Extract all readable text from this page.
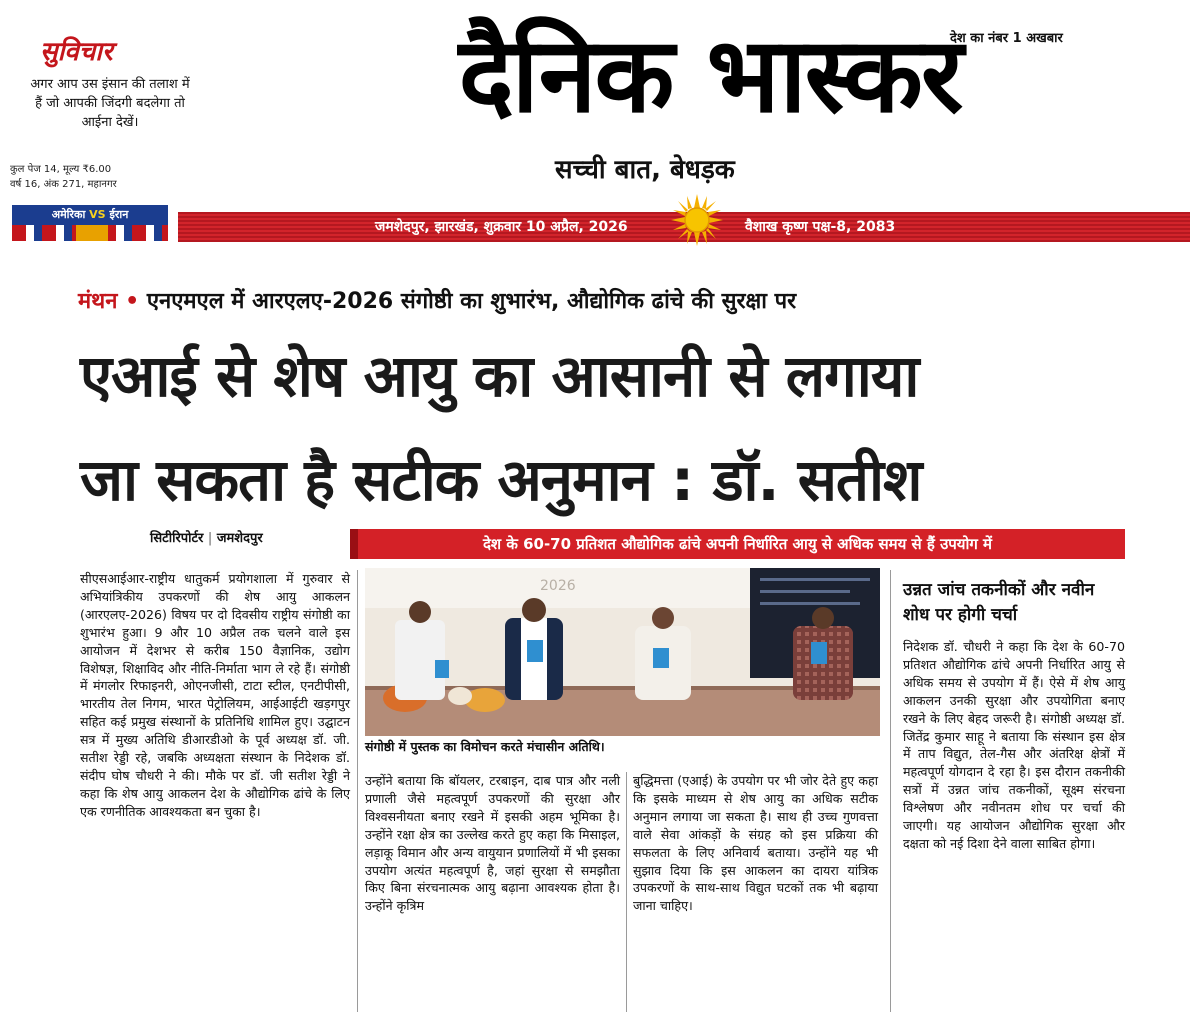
सुविचार
अगर आप उस इंसान की तलाश में हैं जो आपकी जिंदगी बदलेगा तो आईना देखें।
कुल पेज 14, मूल्य ₹6.00
वर्ष 16, अंक 271, महानगर
अमेरिका VS ईरान
दैनिक भास्कर
सच्ची बात, बेधड़क
देश का नंबर 1 अखबार
जमशेदपुर, झारखंड, शुक्रवार 10 अप्रैल, 2026	वैशाख कृष्ण पक्ष-8, 2083
मंथन • एनएमएल में आरएलए-2026 संगोष्ठी का शुभारंभ, औद्योगिक ढांचे की सुरक्षा पर
एआई से शेष आयु का आसानी से लगाया
जा सकता है सटीक अनुमान : डॉ. सतीश
सिटीरिपोर्टर | जमशेदपुर	देश के 60-70 प्रतिशत औद्योगिक ढांचे अपनी निर्धारित आयु से अधिक समय से हैं उपयोग में
सीएसआईआर-राष्ट्रीय धातुकर्म प्रयोगशाला में गुरुवार से अभियांत्रिकीय उपकरणों की शेष आयु आकलन (आरएलए-2026) विषय पर दो दिवसीय राष्ट्रीय संगोष्ठी का शुभारंभ हुआ। 9 और 10 अप्रैल तक चलने वाले इस आयोजन में देशभर से करीब 150 वैज्ञानिक, उद्योग विशेषज्ञ, शिक्षाविद और नीति-निर्माता भाग ले रहे हैं। संगोष्ठी में मंगलोर रिफाइनरी, ओएनजीसी, टाटा स्टील, एनटीपीसी, भारतीय तेल निगम, भारत पेट्रोलियम, आईआईटी खड़गपुर सहित कई प्रमुख संस्थानों के प्रतिनिधि शामिल हुए। उद्घाटन सत्र में मुख्य अतिथि डीआरडीओ के पूर्व अध्यक्ष डॉ. जी. सतीश रेड्डी रहे, जबकि अध्यक्षता संस्थान के निदेशक डॉ. संदीप घोष चौधरी ने की। मौके पर डॉ. जी सतीश रेड्डी ने कहा कि शेष आयु आकलन देश के औद्योगिक ढांचे के लिए एक रणनीतिक आवश्यकता बन चुका है।
2026
संगोष्ठी में पुस्तक का विमोचन करते मंचासीन अतिथि।
उन्होंने बताया कि बॉयलर, टरबाइन, दाब पात्र और नली प्रणाली जैसे महत्वपूर्ण उपकरणों की सुरक्षा और विश्वसनीयता बनाए रखने में इसकी अहम भूमिका है। उन्होंने रक्षा क्षेत्र का उल्लेख करते हुए कहा कि मिसाइल, लड़ाकू विमान और अन्य वायुयान प्रणालियों में भी इसका उपयोग अत्यंत महत्वपूर्ण है, जहां सुरक्षा से समझौता किए बिना संरचनात्मक आयु बढ़ाना आवश्यक होता है। उन्होंने कृत्रिम
बुद्धिमत्ता (एआई) के उपयोग पर भी जोर देते हुए कहा कि इसके माध्यम से शेष आयु का अधिक सटीक अनुमान लगाया जा सकता है। साथ ही उच्च गुणवत्ता वाले सेवा आंकड़ों के संग्रह को इस प्रक्रिया की सफलता के लिए अनिवार्य बताया। उन्होंने यह भी सुझाव दिया कि इस आकलन का दायरा यांत्रिक उपकरणों के साथ-साथ विद्युत घटकों तक भी बढ़ाया जाना चाहिए।
उन्नत जांच तकनीकों और नवीन शोध पर होगी चर्चा
निदेशक डॉ. चौधरी ने कहा कि देश के 60-70 प्रतिशत औद्योगिक ढांचे अपनी निर्धारित आयु से अधिक समय से उपयोग में हैं। ऐसे में शेष आयु आकलन उनकी सुरक्षा और उपयोगिता बनाए रखने के लिए बेहद जरूरी है। संगोष्ठी अध्यक्ष डॉ. जितेंद्र कुमार साहू ने बताया कि संस्थान इस क्षेत्र में ताप विद्युत, तेल-गैस और अंतरिक्ष क्षेत्रों में महत्वपूर्ण योगदान दे रहा है। इस दौरान तकनीकी सत्रों में उन्नत जांच तकनीकों, सूक्ष्म संरचना विश्लेषण और नवीनतम शोध पर चर्चा की जाएगी। यह आयोजन औद्योगिक सुरक्षा और दक्षता को नई दिशा देने वाला साबित होगा।
